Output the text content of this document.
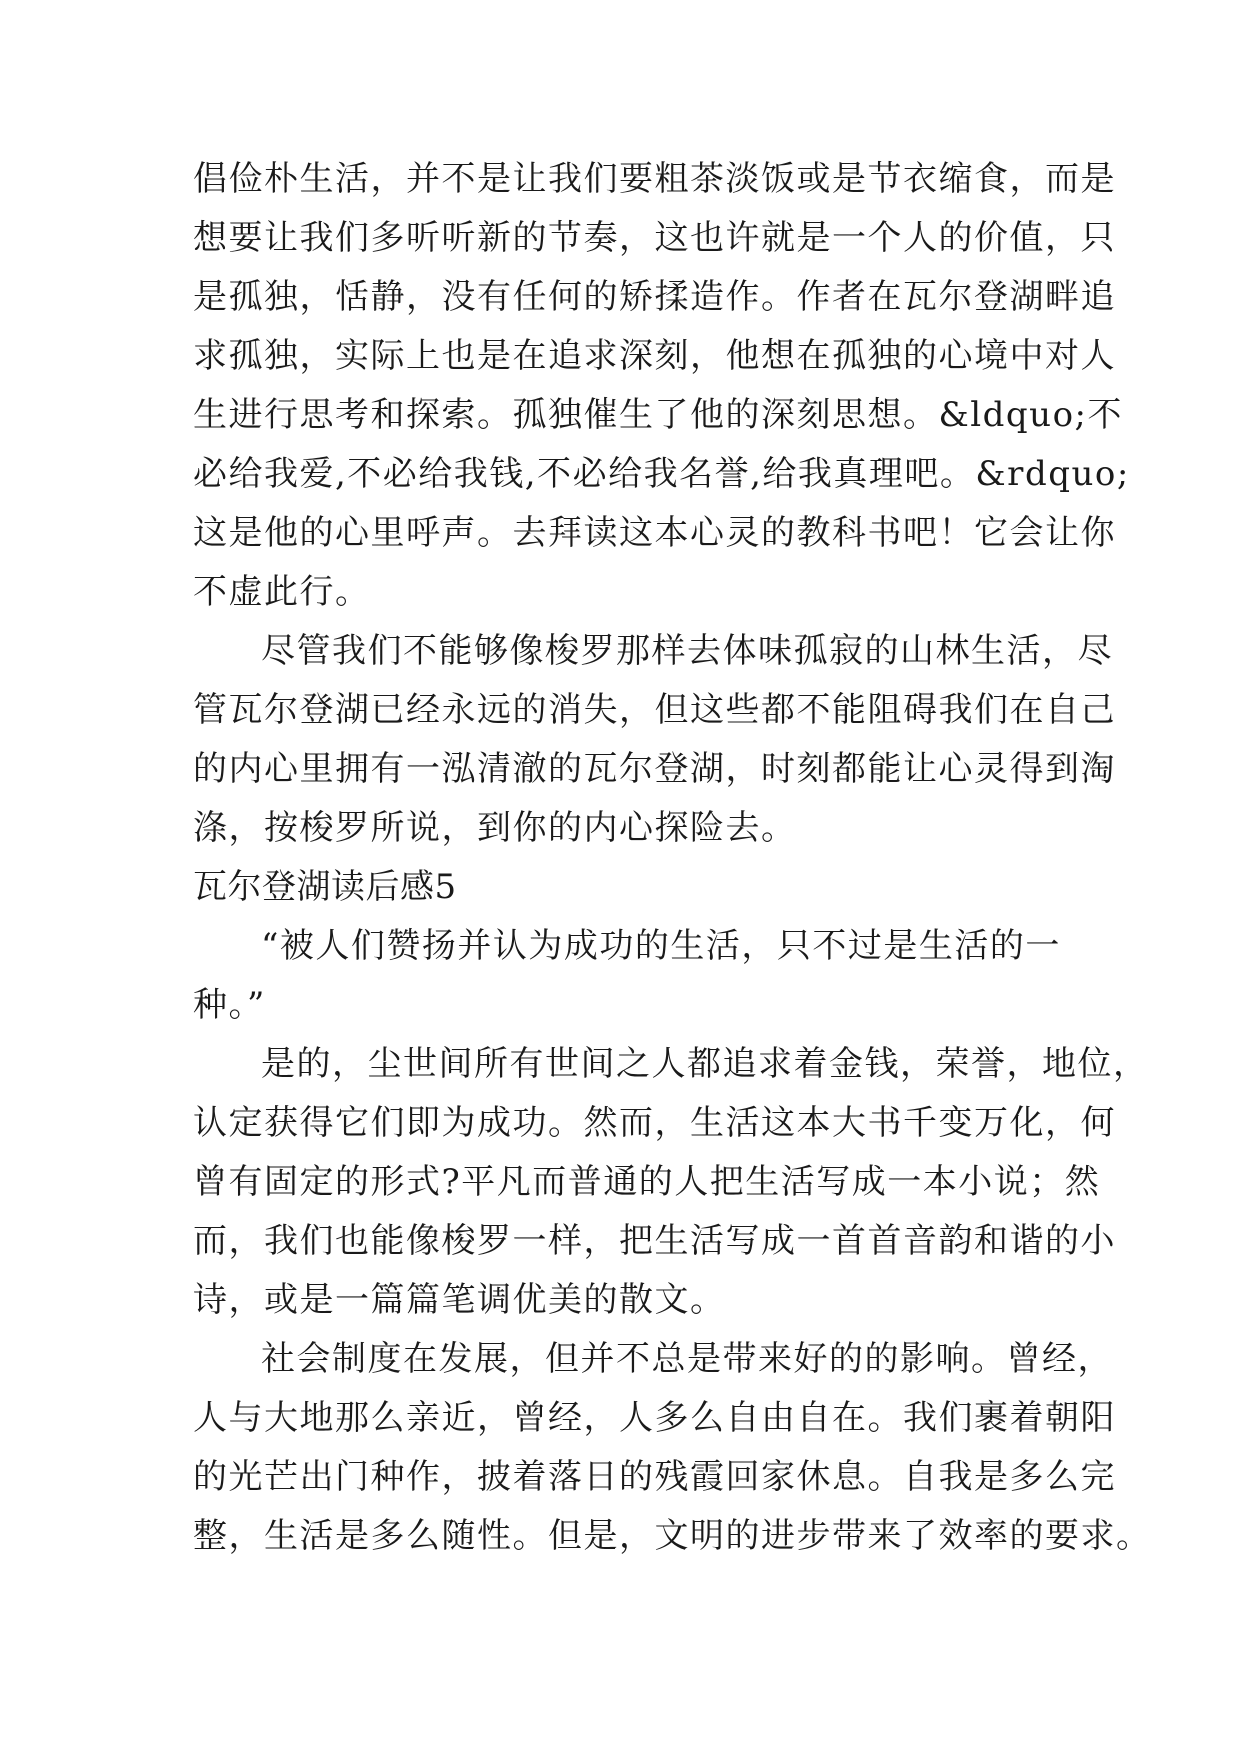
倡俭朴生活，并不是让我们要粗茶淡饭或是节衣缩食，而是
想要让我们多听听新的节奏，这也许就是一个人的价值，只
是孤独，恬静，没有任何的矫揉造作。作者在瓦尔登湖畔追
求孤独，实际上也是在追求深刻，他想在孤独的心境中对人
生进行思考和探索。孤独催生了他的深刻思想。&ldquo;不
必给我爱,不必给我钱,不必给我名誉,给我真理吧。&rdquo;
这是他的心里呼声。去拜读这本心灵的教科书吧！它会让你
不虚此行。
尽管我们不能够像梭罗那样去体味孤寂的山林生活，尽
管瓦尔登湖已经永远的消失，但这些都不能阻碍我们在自己
的内心里拥有一泓清澈的瓦尔登湖，时刻都能让心灵得到淘
涤，按梭罗所说，到你的内心探险去。
瓦尔登湖读后感5
“被人们赞扬并认为成功的生活，只不过是生活的一
种。”
是的，尘世间所有世间之人都追求着金钱，荣誉，地位，
认定获得它们即为成功。然而，生活这本大书千变万化，何
曾有固定的形式?平凡而普通的人把生活写成一本小说；然
而，我们也能像梭罗一样，把生活写成一首首音韵和谐的小
诗，或是一篇篇笔调优美的散文。
社会制度在发展，但并不总是带来好的的影响。曾经，
人与大地那么亲近，曾经，人多么自由自在。我们裹着朝阳
的光芒出门种作，披着落日的残霞回家休息。自我是多么完
整，生活是多么随性。但是，文明的进步带来了效率的要求。
